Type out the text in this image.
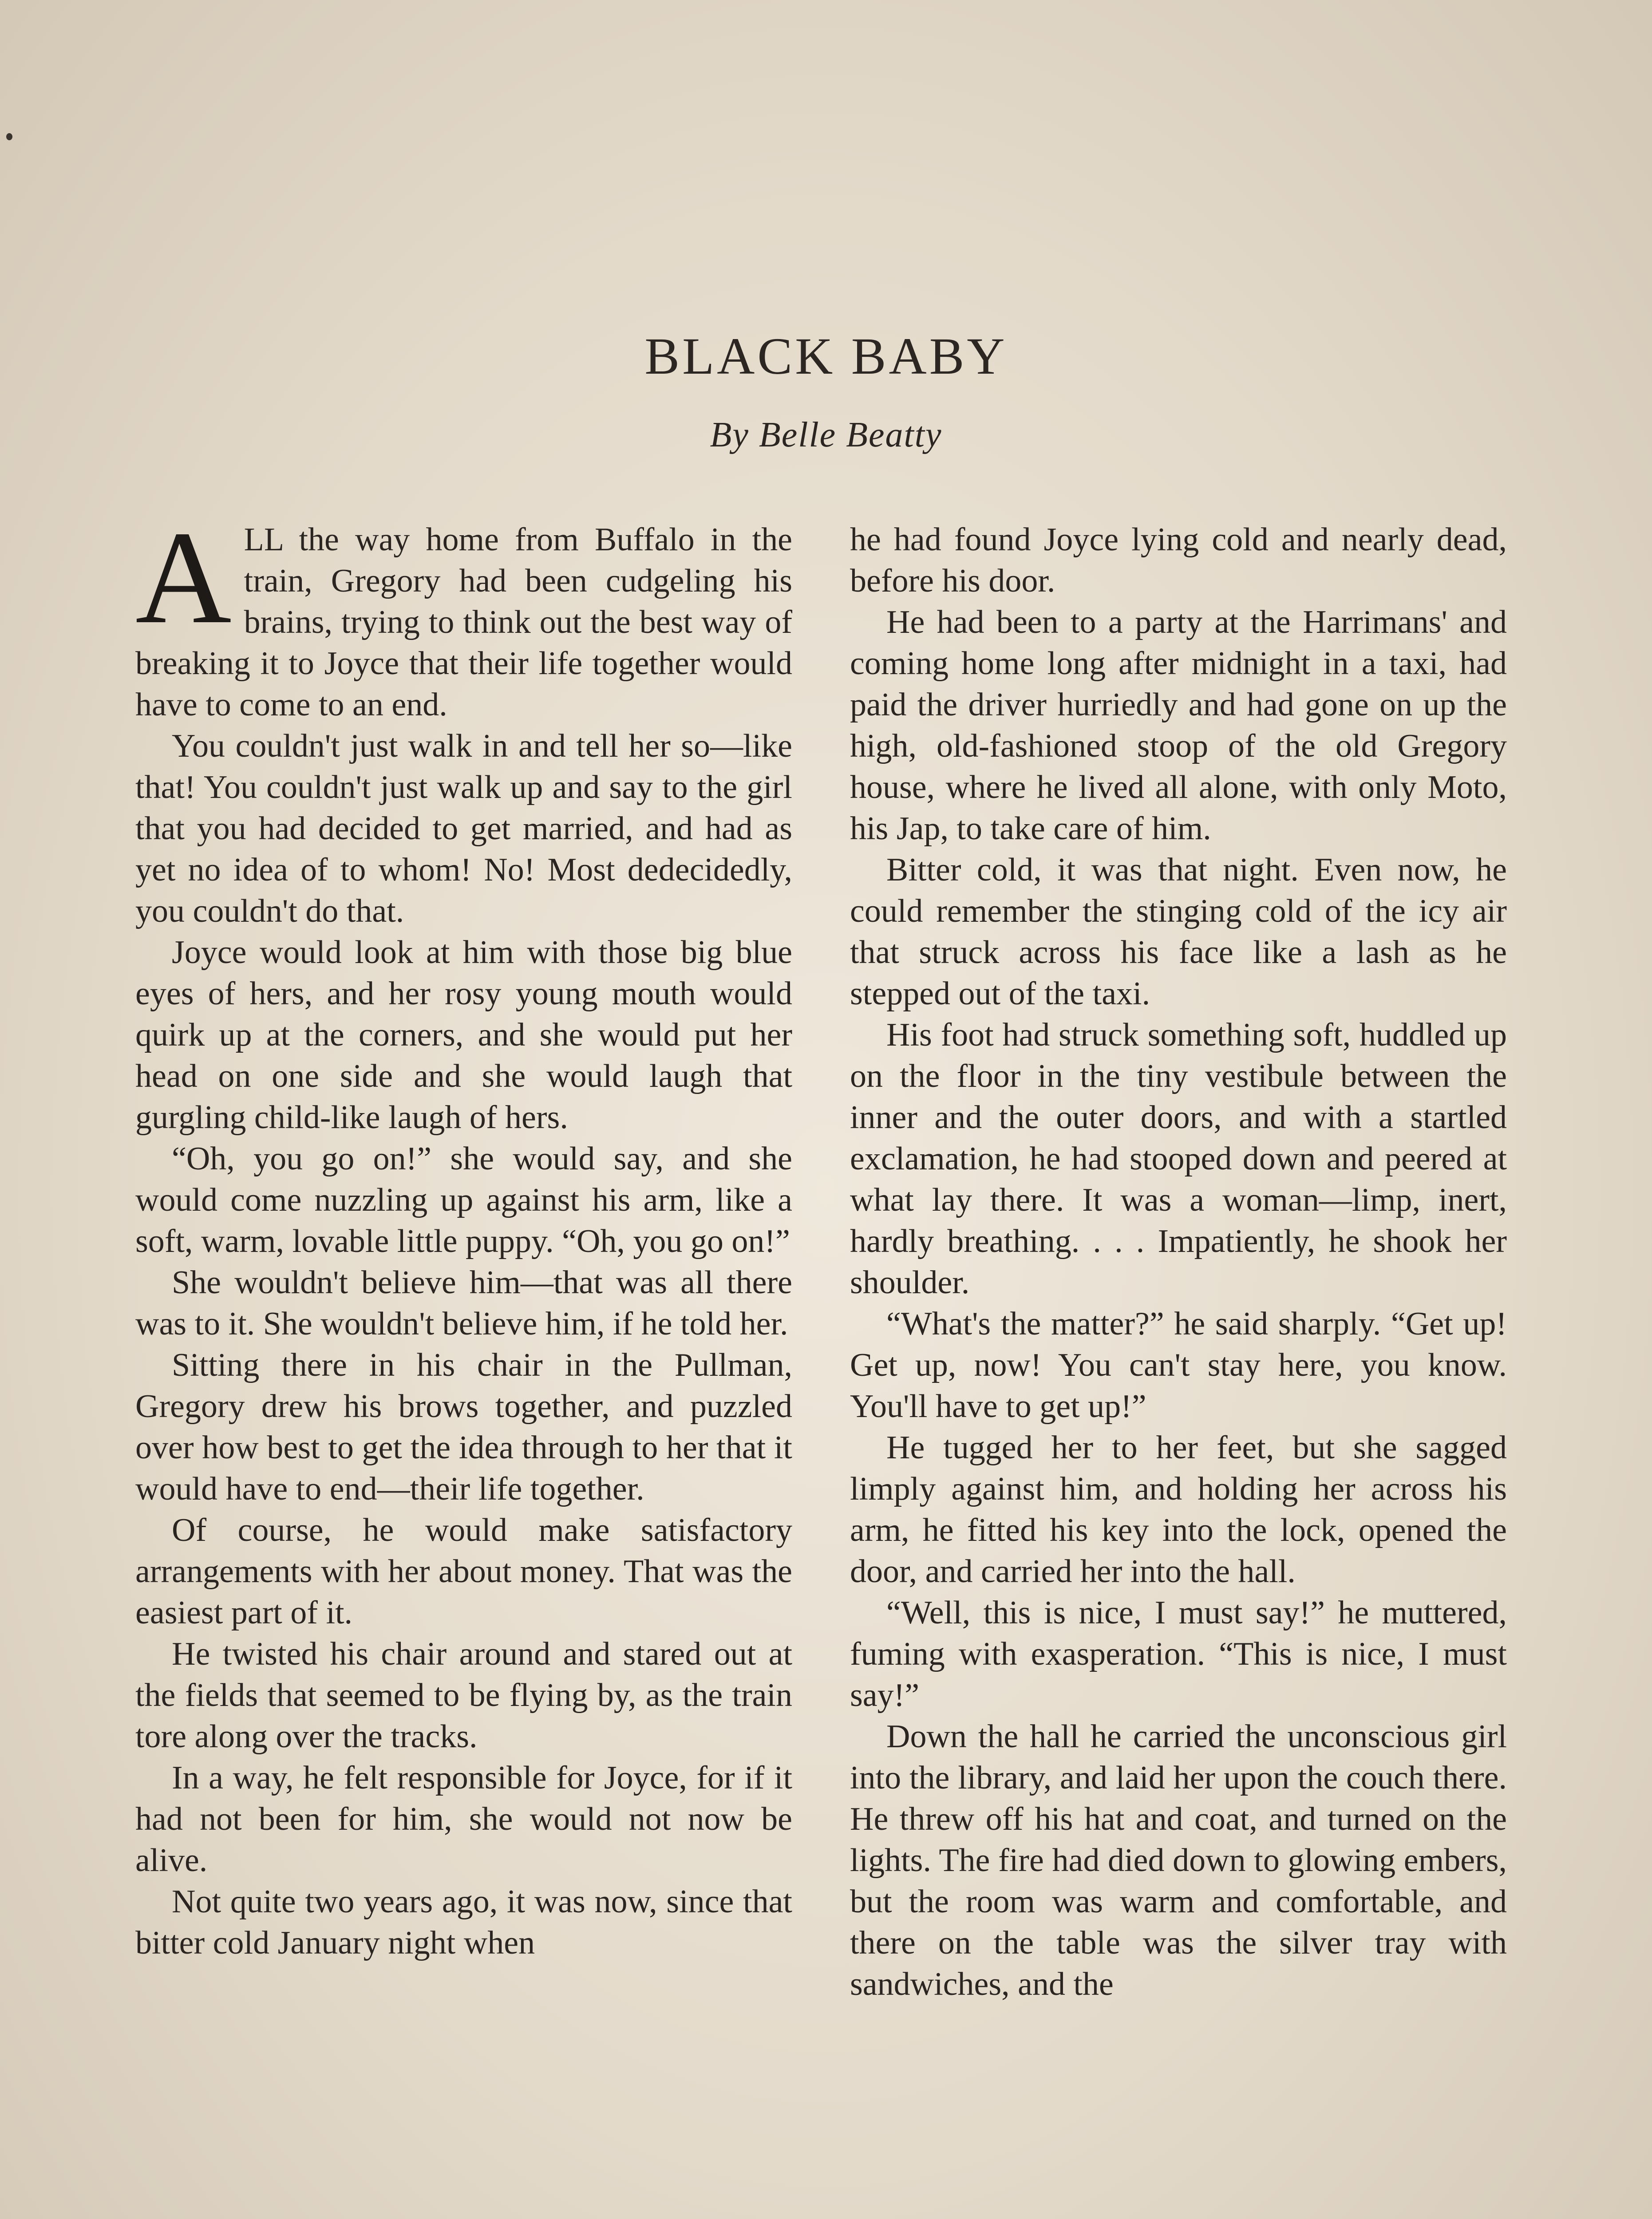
BLACK BABY
By Belle Beatty

ALL the way home from Buffalo in the train, Gregory had been cudgeling his brains, trying to think out the best way of breaking it to Joyce that their life together would have to come to an end.

You couldn't just walk in and tell her so—like that! You couldn't just walk up and say to the girl that you had decided to get married, and had as yet no idea of to whom! No! Most dedecidedly, you couldn't do that.

Joyce would look at him with those big blue eyes of hers, and her rosy young mouth would quirk up at the corners, and she would put her head on one side and she would laugh that gurgling child-like laugh of hers.

“Oh, you go on!” she would say, and she would come nuzzling up against his arm, like a soft, warm, lovable little puppy. “Oh, you go on!”

She wouldn't believe him—that was all there was to it. She wouldn't believe him, if he told her.

Sitting there in his chair in the Pullman, Gregory drew his brows together, and puzzled over how best to get the idea through to her that it would have to end—their life together.

Of course, he would make satisfactory arrangements with her about money. That was the easiest part of it.

He twisted his chair around and stared out at the fields that seemed to be flying by, as the train tore along over the tracks.

In a way, he felt responsible for Joyce, for if it had not been for him, she would not now be alive.

Not quite two years ago, it was now, since that bitter cold January night when

he had found Joyce lying cold and nearly dead, before his door.

He had been to a party at the Harrimans' and coming home long after midnight in a taxi, had paid the driver hurriedly and had gone on up the high, old-fashioned stoop of the old Gregory house, where he lived all alone, with only Moto, his Jap, to take care of him.

Bitter cold, it was that night. Even now, he could remember the stinging cold of the icy air that struck across his face like a lash as he stepped out of the taxi.

His foot had struck something soft, huddled up on the floor in the tiny vestibule between the inner and the outer doors, and with a startled exclamation, he had stooped down and peered at what lay there. It was a woman—limp, inert, hardly breathing. . . . Impatiently, he shook her shoulder.

“What's the matter?” he said sharply. “Get up! Get up, now! You can't stay here, you know. You'll have to get up!”

He tugged her to her feet, but she sagged limply against him, and holding her across his arm, he fitted his key into the lock, opened the door, and carried her into the hall.

“Well, this is nice, I must say!” he muttered, fuming with exasperation. “This is nice, I must say!”

Down the hall he carried the unconscious girl into the library, and laid her upon the couch there. He threw off his hat and coat, and turned on the lights. The fire had died down to glowing embers, but the room was warm and comfortable, and there on the table was the silver tray with sandwiches, and the
